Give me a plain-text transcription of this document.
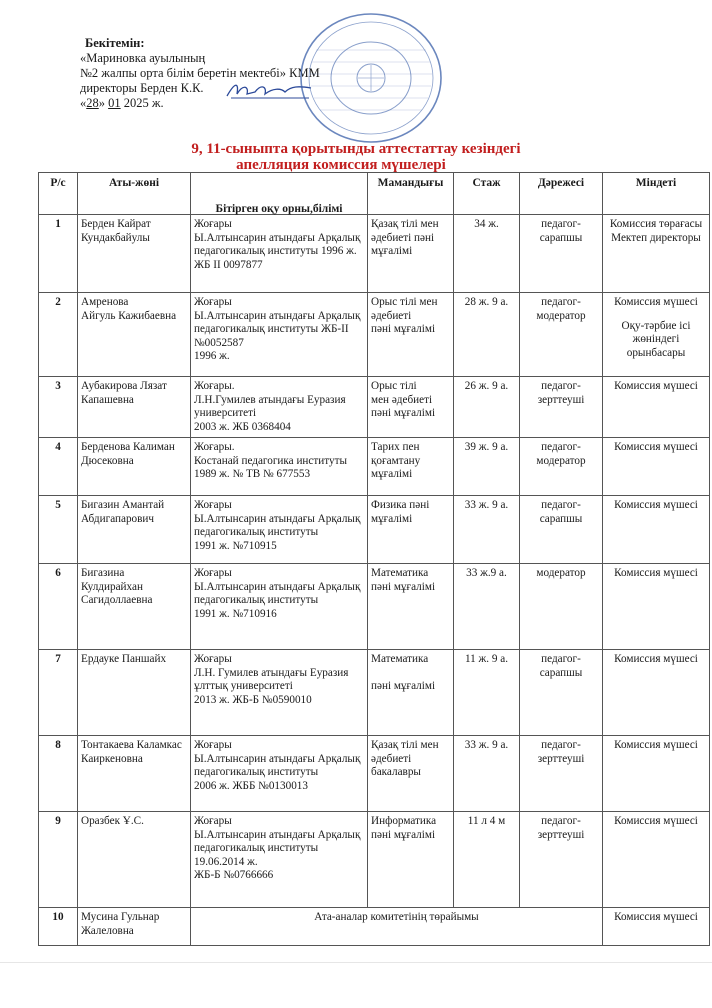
Бекітемін:
«Мариновка ауылының
№2 жалпы орта білім беретін мектебі» КММ
директоры Берден К.К.
«28» 01 2025 ж.
9, 11-сыныпта қорытынды аттестаттау кезіндегі
апелляция комиссия мүшелері
Р/с	Аты-жөні	Бітірген оқу орны,білімі	Мамандығы	Стаж	Дәрежесі	Міндеті
1	Берден Кайрат Кундакбайулы	Жоғары
Ы.Алтынсарин атындағы Арқалық педагогикалық институты 1996 ж.
ЖБ II 0097877	Қазақ тілі мен әдебиеті пәні мұғалімі	34 ж.	педагог-сарапшы	Комиссия төрағасы Мектеп директоры

2	Амренова
Айгуль Кажибаевна	Жоғары
Ы.Алтынсарин атындағы Арқалық педагогикалық институты ЖБ-II №0052587
1996 ж.	Орыс тілі мен әдебиеті
пәні мұғалімі	28 ж. 9 а.	педагог-модератор	Комиссия мүшесі
Оқу-тәрбие ісі жөніндегі орынбасары

3	Аубакирова Лязат Капашевна	Жоғары.
Л.Н.Гумилев атындағы Еуразия университеті
2003 ж. ЖБ 0368404	Орыс тілі
мен әдебиеті пәні мұғалімі	26 ж. 9 а.	педагог-зерттеуші	Комиссия мүшесі

4	Берденова Калиман Дюсековна	Жоғары.
Костанай педагогика институты
1989 ж. № ТВ № 677553	Тарих пен қоғамтану мұғалімі	39 ж. 9 а.	педагог-модератор	Комиссия мүшесі

5	Бигазин Амантай Абдигапарович	Жоғары
Ы.Алтынсарин атындағы Арқалық
педагогикалық институты
1991 ж. №710915	Физика пәні мұғалімі	33 ж. 9 а.	педагог-сарапшы	Комиссия мүшесі

6	Бигазина Кулдирайхан Сагидоллаевна	Жоғары
Ы.Алтынсарин атындағы Арқалық
педагогикалық институты
1991 ж. №710916	Математика пәні мұғалімі	33 ж.9 а.	модератор	Комиссия мүшесі

7	Ердауке Паншайх	Жоғары
Л.Н. Гумилев атындағы Еуразия ұлттық университеті
2013 ж. ЖБ-Б №0590010	Математика

пәні мұғалімі	11 ж. 9 а.	педагог-сарапшы	Комиссия мүшесі

8	Тонтакаева Каламкас Каиркеновна	Жоғары
Ы.Алтынсарин атындағы Арқалық педагогикалық институты
2006 ж. ЖББ №0130013	Қазақ тілі мен әдебиеті
бакалавры	33 ж. 9 а.	педагог-зерттеуші	Комиссия мүшесі

9	Оразбек Ұ.С.	Жоғары
Ы.Алтынсарин атындағы Арқалық педагогикалық институты
19.06.2014 ж.
ЖБ-Б №0766666	Информатика пәні мұғалімі	11 л 4 м	педагог-зерттеуші	Комиссия мүшесі

10	Мусина Гульнар Жалеловна	Ата-аналар комитетінің төрайымы				Комиссия мүшесі
